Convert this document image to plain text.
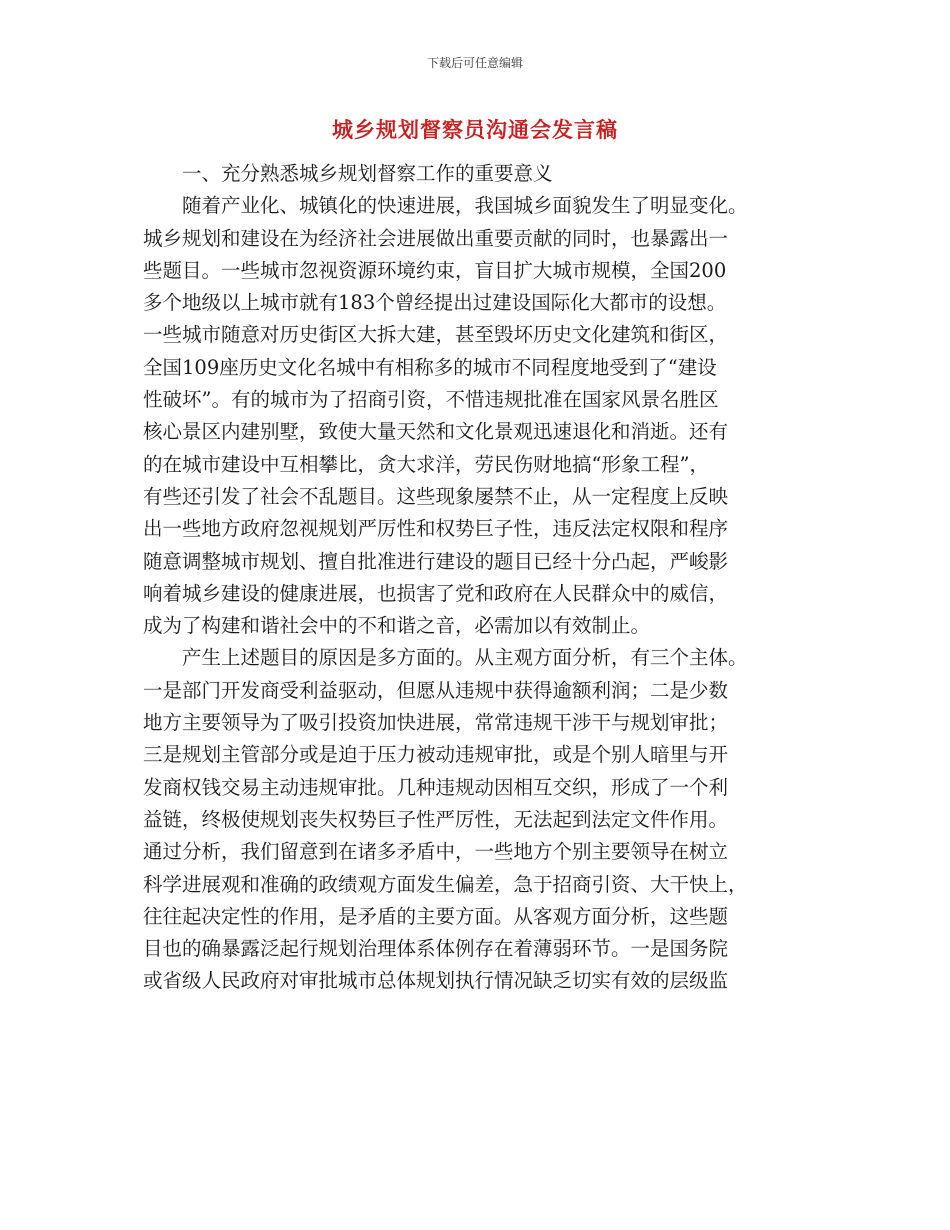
下载后可任意编辑
城乡规划督察员沟通会发言稿
　　一、充分熟悉城乡规划督察工作的重要意义
　　随着产业化、城镇化的快速进展，我国城乡面貌发生了明显变化。
城乡规划和建设在为经济社会进展做出重要贡献的同时，也暴露出一
些题目。一些城市忽视资源环境约束，盲目扩大城市规模，全国200
多个地级以上城市就有183个曾经提出过建设国际化大都市的设想。
一些城市随意对历史街区大拆大建，甚至毁坏历史文化建筑和街区，
全国109座历史文化名城中有相称多的城市不同程度地受到了“建设
性破坏”。有的城市为了招商引资，不惜违规批准在国家风景名胜区
核心景区内建别墅，致使大量天然和文化景观迅速退化和消逝。还有
的在城市建设中互相攀比，贪大求洋，劳民伤财地搞“形象工程”，
有些还引发了社会不乱题目。这些现象屡禁不止，从一定程度上反映
出一些地方政府忽视规划严厉性和权势巨子性，违反法定权限和程序
随意调整城市规划、擅自批准进行建设的题目已经十分凸起，严峻影
响着城乡建设的健康进展，也损害了党和政府在人民群众中的威信，
成为了构建和谐社会中的不和谐之音，必需加以有效制止。
　　产生上述题目的原因是多方面的。从主观方面分析，有三个主体。
一是部门开发商受利益驱动，但愿从违规中获得逾额利润；二是少数
地方主要领导为了吸引投资加快进展，常常违规干涉干与规划审批；
三是规划主管部分或是迫于压力被动违规审批，或是个别人暗里与开
发商权钱交易主动违规审批。几种违规动因相互交织，形成了一个利
益链，终极使规划丧失权势巨子性严厉性，无法起到法定文件作用。
通过分析，我们留意到在诸多矛盾中，一些地方个别主要领导在树立
科学进展观和准确的政绩观方面发生偏差，急于招商引资、大干快上，
往往起决定性的作用，是矛盾的主要方面。从客观方面分析，这些题
目也的确暴露泛起行规划治理体系体例存在着薄弱环节。一是国务院
或省级人民政府对审批城市总体规划执行情况缺乏切实有效的层级监
